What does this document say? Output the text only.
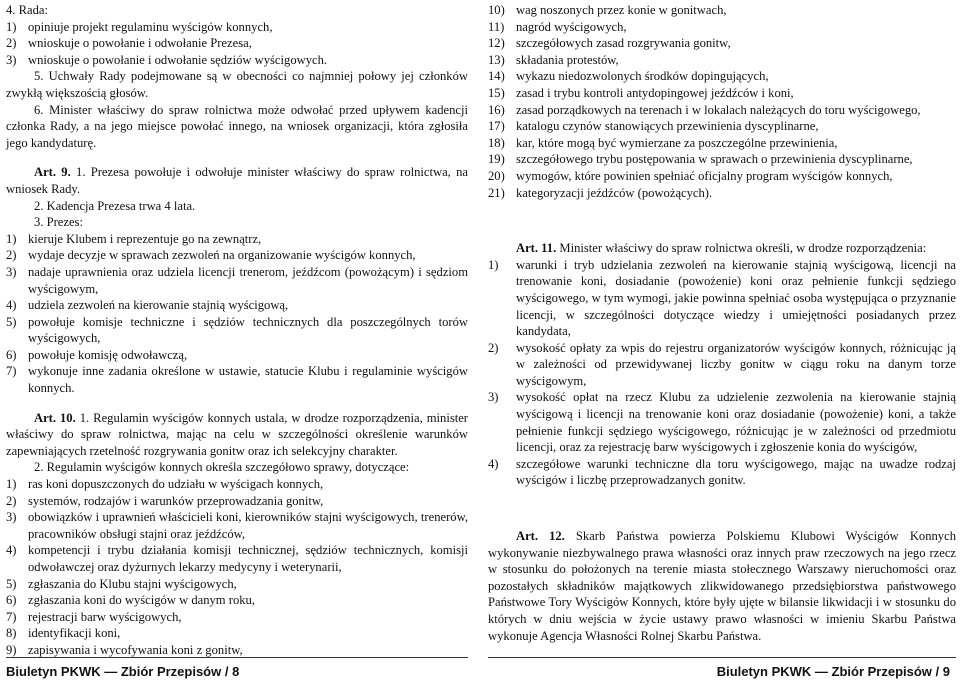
4. Rada:

1) opiniuje projekt regulaminu wyścigów konnych,
2) wnioskuje o powołanie i odwołanie Prezesa,
3) wnioskuje o powołanie i odwołanie sędziów wyścigowych.

5. Uchwały Rady podejmowane są w obecności co najmniej połowy jej członków zwykłą większością głosów.

6. Minister właściwy do spraw rolnictwa może odwołać przed upływem kadencji członka Rady, a na jego miejsce powołać innego, na wniosek organizacji, która zgłosiła jego kandydaturę.

Art. 9. 1. Prezesa powołuje i odwołuje minister właściwy do spraw rolnictwa, na wniosek Rady.

2. Kadencja Prezesa trwa 4 lata.

3. Prezes:

1) kieruje Klubem i reprezentuje go na zewnątrz,
2) wydaje decyzje w sprawach zezwoleń na organizowanie wyścigów konnych,
3) nadaje uprawnienia oraz udziela licencji trenerom, jeźdźcom (powożącym) i sędziom wyścigowym,
4) udziela zezwoleń na kierowanie stajnią wyścigową,
5) powołuje komisje techniczne i sędziów technicznych dla poszczególnych torów wyścigowych,
6) powołuje komisję odwoławczą,
7) wykonuje inne zadania określone w ustawie, statucie Klubu i regulaminie wyścigów konnych.

Art. 10. 1. Regulamin wyścigów konnych ustala, w drodze rozporządzenia, minister właściwy do spraw rolnictwa, mając na celu w szczególności określenie warunków zapewniających rzetelność rozgrywania gonitw oraz ich selekcyjny charakter.

2. Regulamin wyścigów konnych określa szczegółowo sprawy, dotyczące:

1) ras koni dopuszczonych do udziału w wyścigach konnych,
2) systemów, rodzajów i warunków przeprowadzania gonitw,
3) obowiązków i uprawnień właścicieli koni, kierowników stajni wyścigowych, trenerów, pracowników obsługi stajni oraz jeźdźców,
4) kompetencji i trybu działania komisji technicznej, sędziów technicznych, komisji odwoławczej oraz dyżurnych lekarzy medycyny i weterynarii,
5) zgłaszania do Klubu stajni wyścigowych,
6) zgłaszania koni do wyścigów w danym roku,
7) rejestracji barw wyścigowych,
8) identyfikacji koni,
9) zapisywania i wycofywania koni z gonitw,
Biuletyn PKWK — Zbiór Przepisów / 8
10) wag noszonych przez konie w gonitwach,
11) nagród wyścigowych,
12) szczegółowych zasad rozgrywania gonitw,
13) składania protestów,
14) wykazu niedozwolonych środków dopingujących,
15) zasad i trybu kontroli antydopingowej jeźdźców i koni,
16) zasad porządkowych na terenach i w lokalach należących do toru wyścigowego,
17) katalogu czynów stanowiących przewinienia dyscyplinarne,
18) kar, które mogą być wymierzane za poszczególne przewinienia,
19) szczegółowego trybu postępowania w sprawach o przewinienia dyscyplinarne,
20) wymogów, które powinien spełniać oficjalny program wyścigów konnych,
21) kategoryzacji jeźdźców (powożących).

Art. 11. Minister właściwy do spraw rolnictwa określi, w drodze rozporządzenia:

1)	warunki i tryb udzielania zezwoleń na kierowanie stajnią wyścigową, licencji na trenowanie koni, dosiadanie (powożenie) koni oraz pełnienie funkcji sędziego wyścigowego, w tym wymogi, jakie powinna spełniać osoba występująca o przyznanie licencji, w szczególności dotyczące wiedzy i umiejętności posiadanych przez kandydata,
2)	wysokość opłaty za wpis do rejestru organizatorów wyścigów konnych, różnicując ją w zależności od przewidywanej liczby gonitw w ciągu roku na danym torze wyścigowym,
3)	wysokość opłat na rzecz Klubu za udzielenie zezwolenia na kierowanie stajnią wyścigową i licencji na trenowanie koni oraz dosiadanie (powożenie) koni, a także pełnienie funkcji sędziego wyścigowego, różnicując je w zależności od przedmiotu licencji, oraz za rejestrację barw wyścigowych i zgłoszenie konia do wyścigów,
4)	szczegółowe warunki techniczne dla toru wyścigowego, mając na uwadze rodzaj wyścigów i liczbę przeprowadzanych gonitw.

Art. 12. Skarb Państwa powierza Polskiemu Klubowi Wyścigów Konnych wykonywanie niezbywalnego prawa własności oraz innych praw rzeczowych na jego rzecz w stosunku do położonych na terenie miasta stołecznego Warszawy nieruchomości oraz pozostałych składników majątkowych zlikwidowanego przedsiębiorstwa państwowego Państwowe Tory Wyścigów Konnych, które były ujęte w bilansie likwidacji i w stosunku do których w dniu wejścia w życie ustawy prawo własności w imieniu Skarbu Państwa wykonuje Agencja Własności Rolnej Skarbu Państwa.

Biuletyn PKWK — Zbiór Przepisów / 9
